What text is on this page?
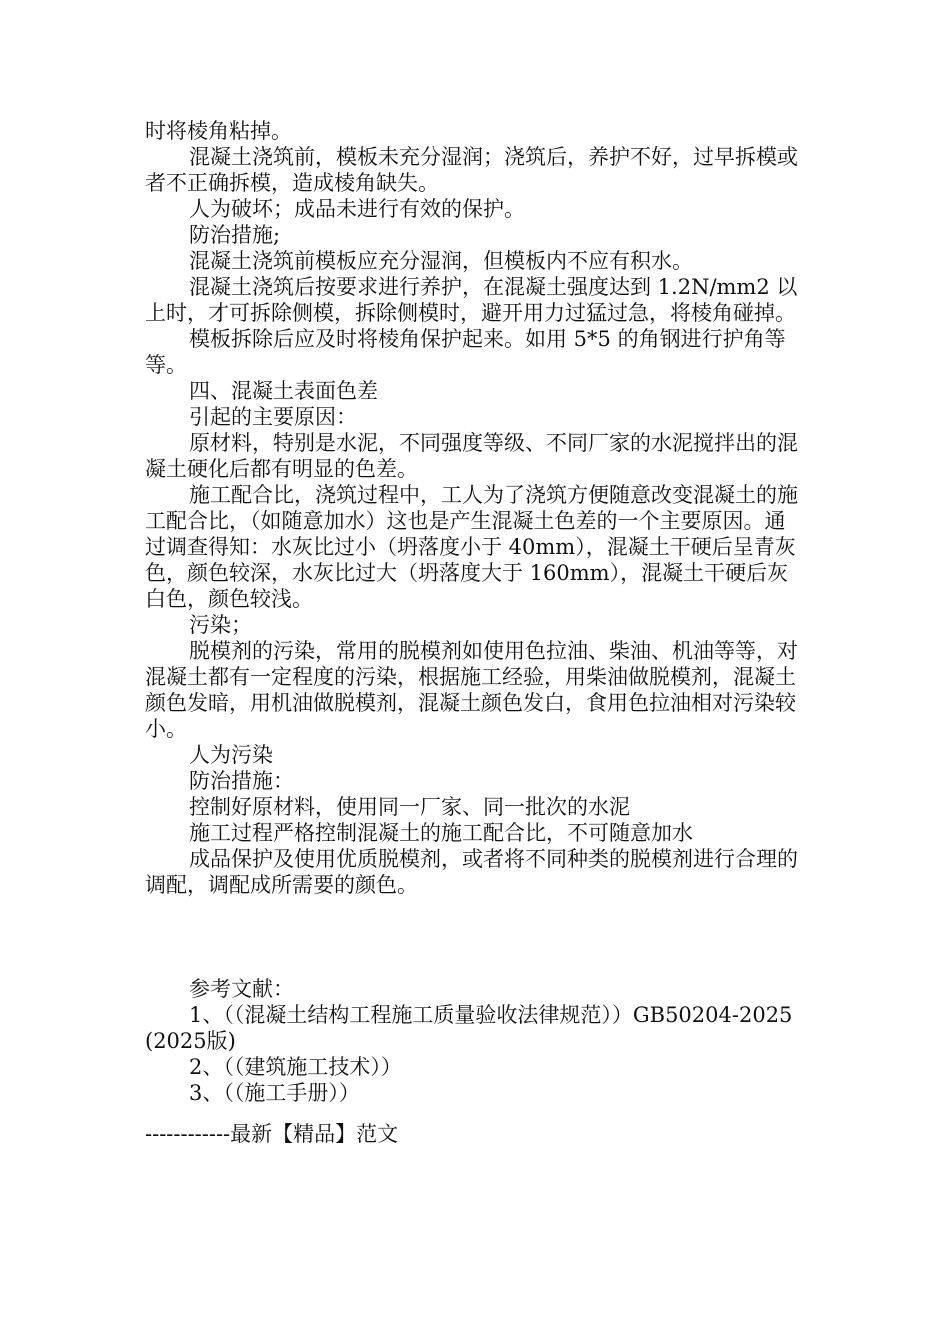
时将棱角粘掉。

混凝土浇筑前，模板未充分湿润；浇筑后，养护不好，过早拆模或者不正确拆模，造成棱角缺失。

人为破坏；成品未进行有效的保护。

防治措施;

混凝土浇筑前模板应充分湿润，但模板内不应有积水。

混凝土浇筑后按要求进行养护，在混凝土强度达到 1.2N/mm2 以上时，才可拆除侧模，拆除侧模时，避开用力过猛过急，将棱角碰掉。

模板拆除后应及时将棱角保护起来。如用 5*5 的角钢进行护角等等。

四、混凝土表面色差

引起的主要原因：

原材料，特别是水泥，不同强度等级、不同厂家的水泥搅拌出的混凝土硬化后都有明显的色差。

施工配合比，浇筑过程中，工人为了浇筑方便随意改变混凝土的施工配合比，（如随意加水）这也是产生混凝土色差的一个主要原因。通过调查得知：水灰比过小（坍落度小于 40mm），混凝土干硬后呈青灰色，颜色较深，水灰比过大（坍落度大于 160mm），混凝土干硬后灰白色，颜色较浅。

污染；

脱模剂的污染，常用的脱模剂如使用色拉油、柴油、机油等等，对混凝土都有一定程度的污染，根据施工经验，用柴油做脱模剂，混凝土颜色发暗，用机油做脱模剂，混凝土颜色发白，食用色拉油相对污染较小。

人为污染

防治措施：

控制好原材料，使用同一厂家、同一批次的水泥

施工过程严格控制混凝土的施工配合比，不可随意加水

成品保护及使用优质脱模剂，或者将不同种类的脱模剂进行合理的调配，调配成所需要的颜色。

参考文献：

1、（（混凝土结构工程施工质量验收法律规范））GB50204-2025(2025版)

2、（（建筑施工技术））

3、（（施工手册））

------------最新【精品】范文
